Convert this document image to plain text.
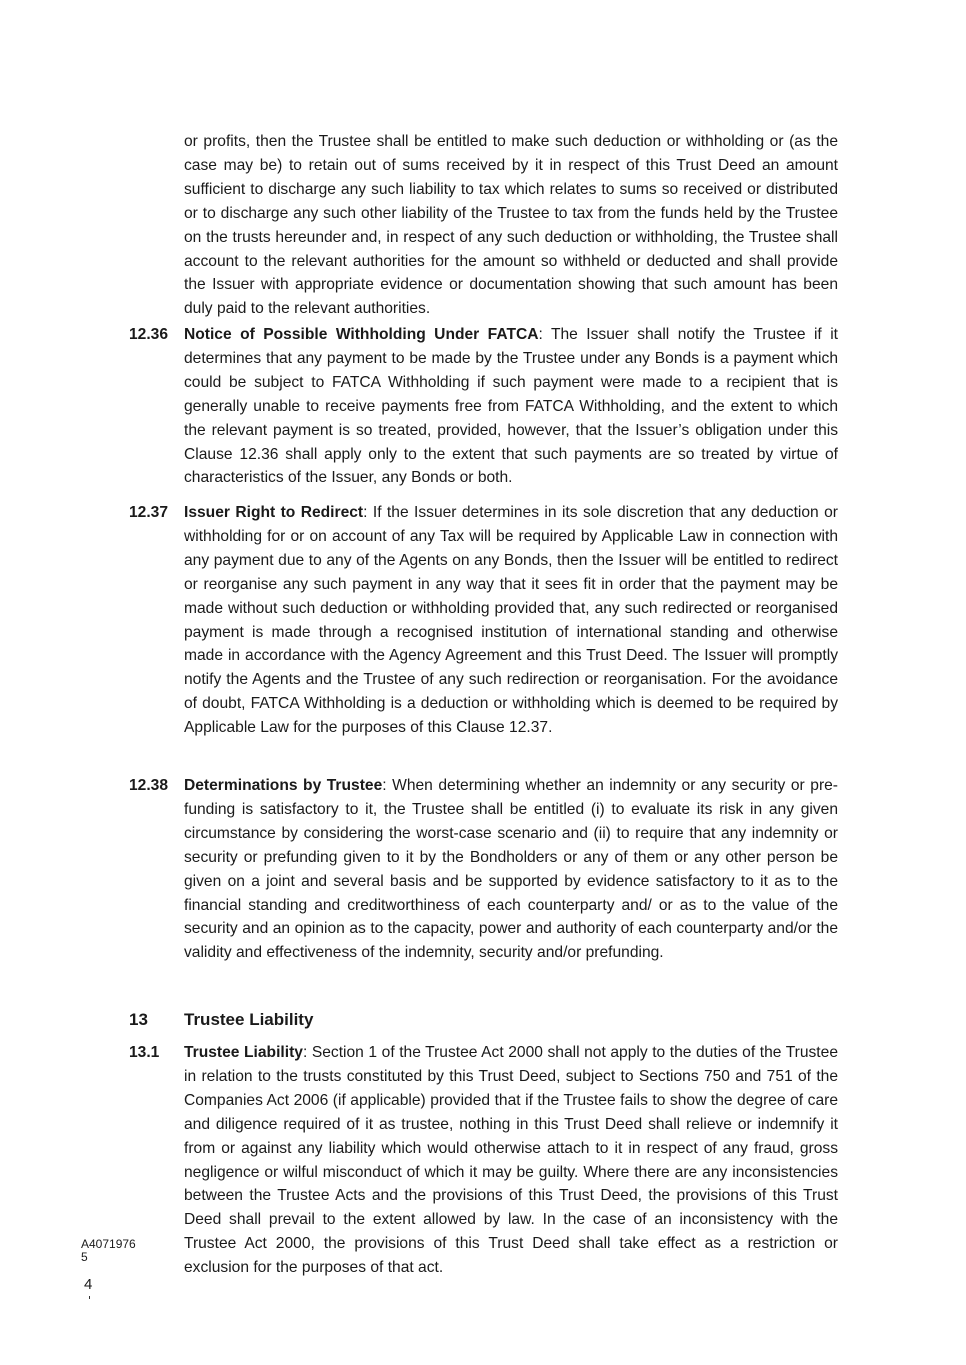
or profits, then the Trustee shall be entitled to make such deduction or withholding or (as the case may be) to retain out of sums received by it in respect of this Trust Deed an amount sufficient to discharge any such liability to tax which relates to sums so received or distributed or to discharge any such other liability of the Trustee to tax from the funds held by the Trustee on the trusts hereunder and, in respect of any such deduction or withholding, the Trustee shall account to the relevant authorities for the amount so withheld or deducted and shall provide the Issuer with appropriate evidence or documentation showing that such amount has been duly paid to the relevant authorities.
12.36 Notice of Possible Withholding Under FATCA: The Issuer shall notify the Trustee if it determines that any payment to be made by the Trustee under any Bonds is a payment which could be subject to FATCA Withholding if such payment were made to a recipient that is generally unable to receive payments free from FATCA Withholding, and the extent to which the relevant payment is so treated, provided, however, that the Issuer’s obligation under this Clause 12.36 shall apply only to the extent that such payments are so treated by virtue of characteristics of the Issuer, any Bonds or both.
12.37 Issuer Right to Redirect: If the Issuer determines in its sole discretion that any deduction or withholding for or on account of any Tax will be required by Applicable Law in connection with any payment due to any of the Agents on any Bonds, then the Issuer will be entitled to redirect or reorganise any such payment in any way that it sees fit in order that the payment may be made without such deduction or withholding provided that, any such redirected or reorganised payment is made through a recognised institution of international standing and otherwise made in accordance with the Agency Agreement and this Trust Deed. The Issuer will promptly notify the Agents and the Trustee of any such redirection or reorganisation. For the avoidance of doubt, FATCA Withholding is a deduction or withholding which is deemed to be required by Applicable Law for the purposes of this Clause 12.37.
12.38 Determinations by Trustee: When determining whether an indemnity or any security or pre-funding is satisfactory to it, the Trustee shall be entitled (i) to evaluate its risk in any given circumstance by considering the worst-case scenario and (ii) to require that any indemnity or security or prefunding given to it by the Bondholders or any of them or any other person be given on a joint and several basis and be supported by evidence satisfactory to it as to the financial standing and creditworthiness of each counterparty and/ or as to the value of the security and an opinion as to the capacity, power and authority of each counterparty and/or the validity and effectiveness of the indemnity, security and/or prefunding.
13 Trustee Liability
13.1 Trustee Liability: Section 1 of the Trustee Act 2000 shall not apply to the duties of the Trustee in relation to the trusts constituted by this Trust Deed, subject to Sections 750 and 751 of the Companies Act 2006 (if applicable) provided that if the Trustee fails to show the degree of care and diligence required of it as trustee, nothing in this Trust Deed shall relieve or indemnify it from or against any liability which would otherwise attach to it in respect of any fraud, gross negligence or wilful misconduct of which it may be guilty. Where there are any inconsistencies between the Trustee Acts and the provisions of this Trust Deed, the provisions of this Trust Deed shall prevail to the extent allowed by law. In the case of an inconsistency with the Trustee Act 2000, the provisions of this Trust Deed shall take effect as a restriction or exclusion for the purposes of that act.
A4071976
5
4
